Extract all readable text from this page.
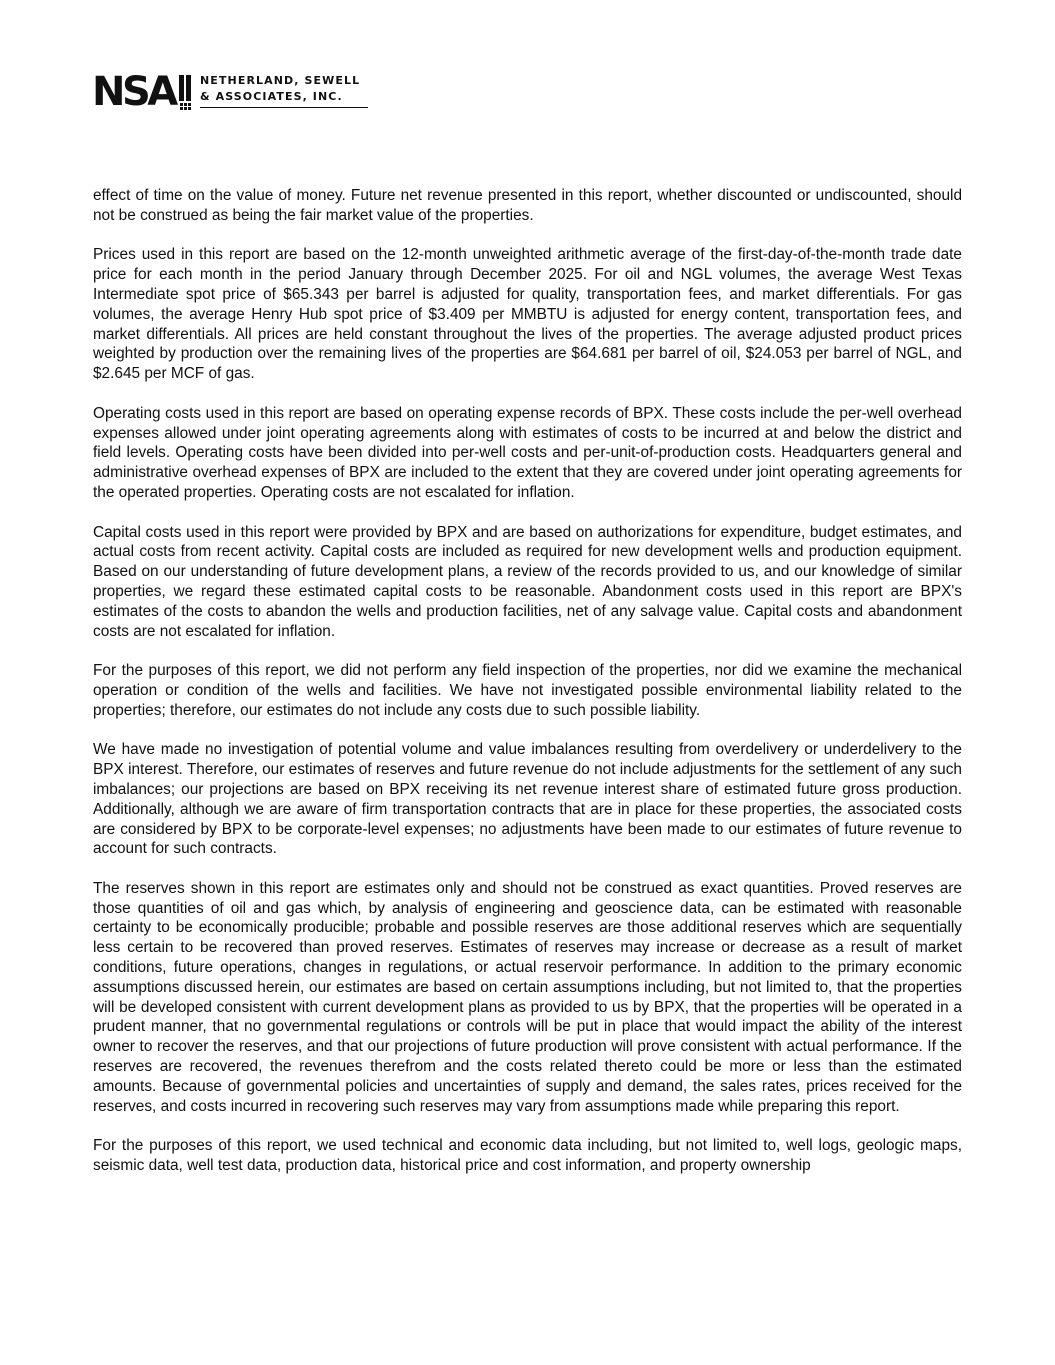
NSA	NETHERLAND, SEWELL
& ASSOCIATES, INC.

effect of time on the value of money. Future net revenue presented in this report, whether discounted or undiscounted, should not be construed as being the fair market value of the properties.

Prices used in this report are based on the 12-month unweighted arithmetic average of the first-day-of-the-month trade date price for each month in the period January through December 2025. For oil and NGL volumes, the average West Texas Intermediate spot price of $65.343 per barrel is adjusted for quality, transportation fees, and market differentials. For gas volumes, the average Henry Hub spot price of $3.409 per MMBTU is adjusted for energy content, transportation fees, and market differentials. All prices are held constant throughout the lives of the properties. The average adjusted product prices weighted by production over the remaining lives of the properties are $64.681 per barrel of oil, $24.053 per barrel of NGL, and $2.645 per MCF of gas.

Operating costs used in this report are based on operating expense records of BPX. These costs include the per-well overhead expenses allowed under joint operating agreements along with estimates of costs to be incurred at and below the district and field levels. Operating costs have been divided into per-well costs and per-unit-of-production costs. Headquarters general and administrative overhead expenses of BPX are included to the extent that they are covered under joint operating agreements for the operated properties. Operating costs are not escalated for inflation.

Capital costs used in this report were provided by BPX and are based on authorizations for expenditure, budget estimates, and actual costs from recent activity. Capital costs are included as required for new development wells and production equipment. Based on our understanding of future development plans, a review of the records provided to us, and our knowledge of similar properties, we regard these estimated capital costs to be reasonable. Abandonment costs used in this report are BPX's estimates of the costs to abandon the wells and production facilities, net of any salvage value. Capital costs and abandonment costs are not escalated for inflation.

For the purposes of this report, we did not perform any field inspection of the properties, nor did we examine the mechanical operation or condition of the wells and facilities. We have not investigated possible environmental liability related to the properties; therefore, our estimates do not include any costs due to such possible liability.

We have made no investigation of potential volume and value imbalances resulting from overdelivery or underdelivery to the BPX interest. Therefore, our estimates of reserves and future revenue do not include adjustments for the settlement of any such imbalances; our projections are based on BPX receiving its net revenue interest share of estimated future gross production. Additionally, although we are aware of firm transportation contracts that are in place for these properties, the associated costs are considered by BPX to be corporate-level expenses; no adjustments have been made to our estimates of future revenue to account for such contracts.

The reserves shown in this report are estimates only and should not be construed as exact quantities. Proved reserves are those quantities of oil and gas which, by analysis of engineering and geoscience data, can be estimated with reasonable certainty to be economically producible; probable and possible reserves are those additional reserves which are sequentially less certain to be recovered than proved reserves. Estimates of reserves may increase or decrease as a result of market conditions, future operations, changes in regulations, or actual reservoir performance. In addition to the primary economic assumptions discussed herein, our estimates are based on certain assumptions including, but not limited to, that the properties will be developed consistent with current development plans as provided to us by BPX, that the properties will be operated in a prudent manner, that no governmental regulations or controls will be put in place that would impact the ability of the interest owner to recover the reserves, and that our projections of future production will prove consistent with actual performance. If the reserves are recovered, the revenues therefrom and the costs related thereto could be more or less than the estimated amounts. Because of governmental policies and uncertainties of supply and demand, the sales rates, prices received for the reserves, and costs incurred in recovering such reserves may vary from assumptions made while preparing this report.

For the purposes of this report, we used technical and economic data including, but not limited to, well logs, geologic maps, seismic data, well test data, production data, historical price and cost information, and property ownership
